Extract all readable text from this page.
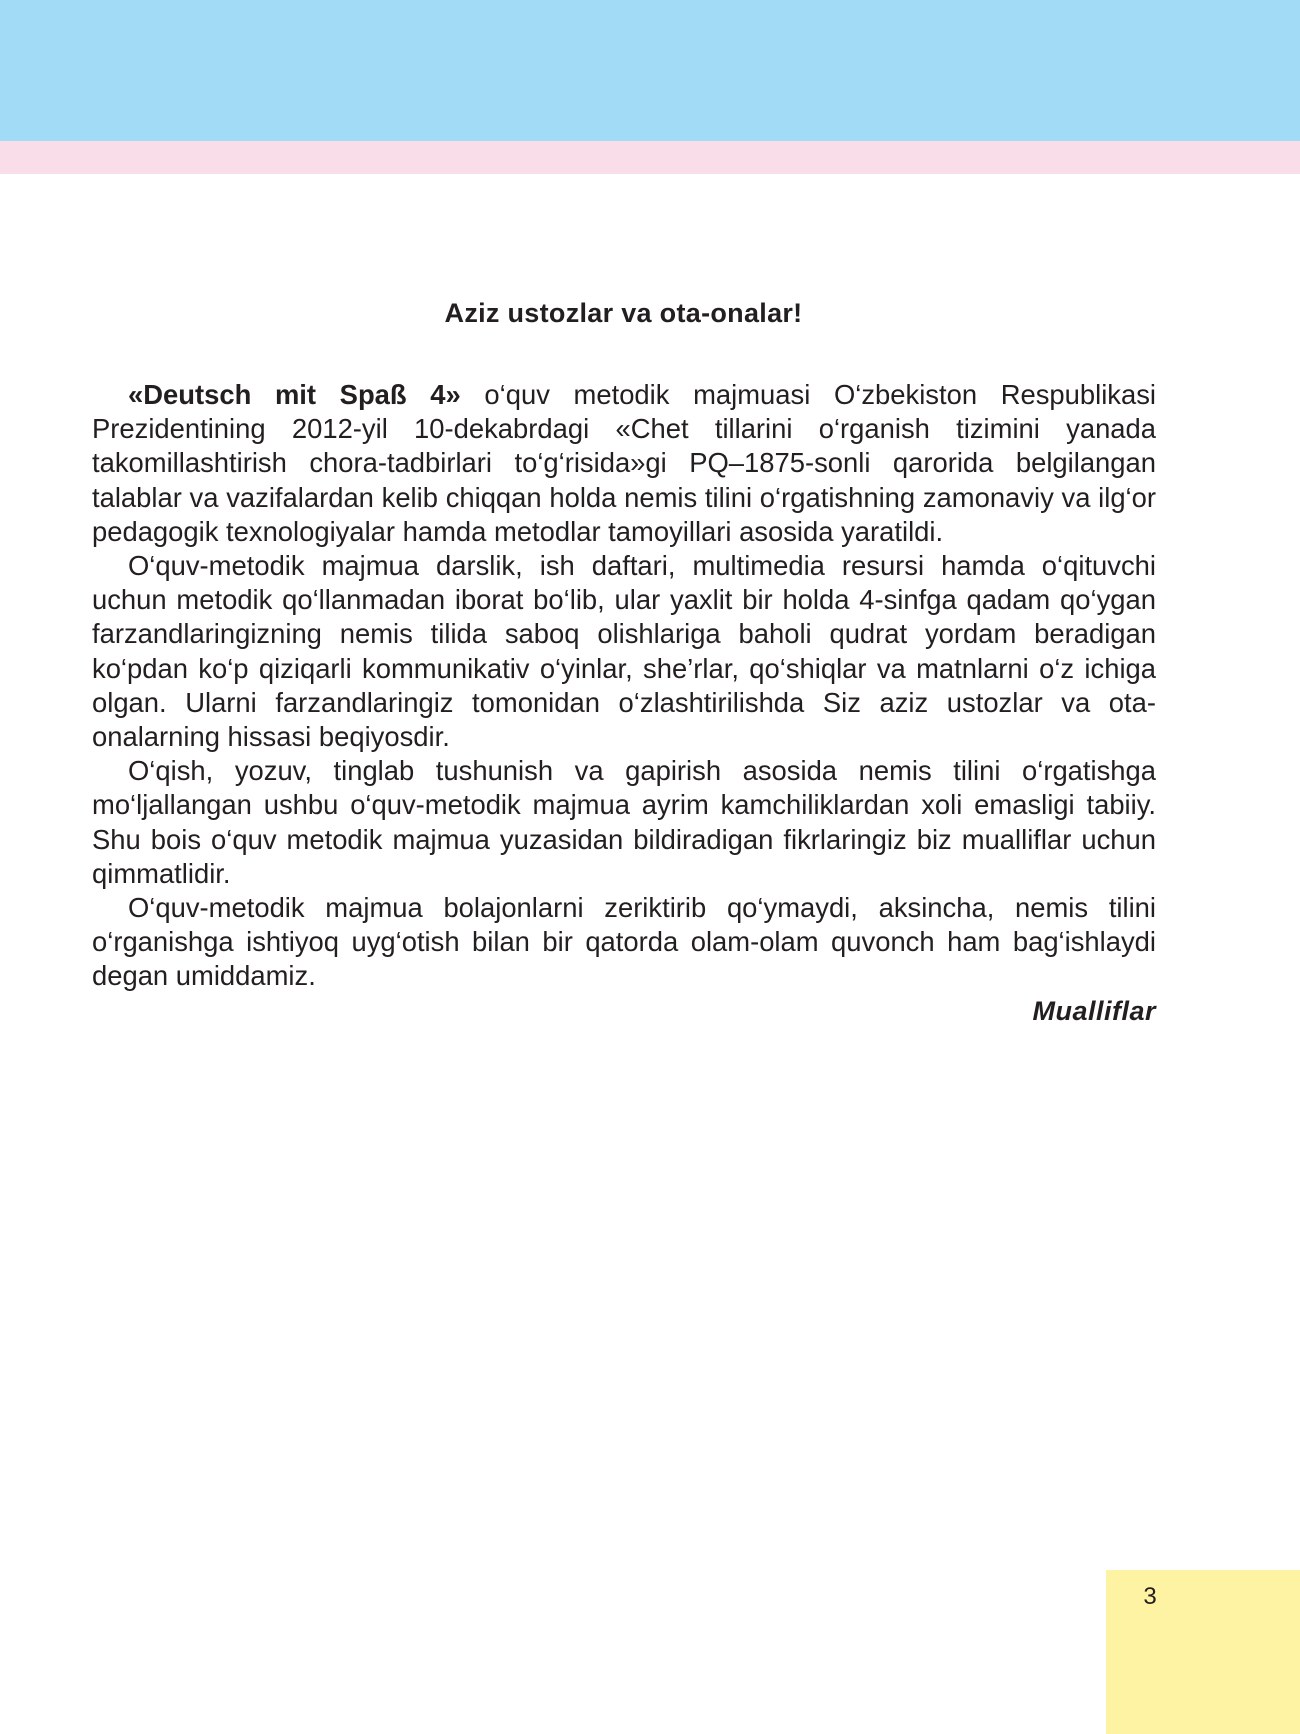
Aziz ustozlar va ota-onalar!

«Deutsch mit Spaß 4» o‘quv metodik majmuasi O‘zbekiston Respublikasi Prezidentining 2012-yil 10-dekabrdagi «Chet tillarini o‘rganish tizimini yanada takomillashtirish chora-tadbirlari to‘g‘risida»gi PQ–1875-sonli qarorida belgilangan talablar va vazifalardan kelib chiqqan holda nemis tilini o‘rgatishning zamonaviy va ilg‘or pedagogik texnologiyalar hamda metodlar tamoyillari asosida yaratildi.

O‘quv-metodik majmua darslik, ish daftari, multimedia resursi hamda o‘qituvchi uchun metodik qo‘llanmadan iborat bo‘lib, ular yaxlit bir holda 4-sinfga qadam qo‘ygan farzandlaringizning nemis tilida saboq olishlariga baholi qudrat yordam beradigan ko‘pdan ko‘p qiziqarli kommunikativ o‘yinlar, she’rlar, qo‘shiqlar va matnlarni o‘z ichiga olgan. Ularni farzandlaringiz tomonidan o‘zlashtirilishda Siz aziz ustozlar va ota-onalarning hissasi beqiyosdir.

O‘qish, yozuv, tinglab tushunish va gapirish asosida nemis tilini o‘rgatishga mo‘ljallangan ushbu o‘quv-metodik majmua ayrim kamchiliklardan xoli emasligi tabiiy. Shu bois o‘quv metodik majmua yuzasidan bildiradigan fikrlaringiz biz mualliflar uchun qimmatlidir.

O‘quv-metodik majmua bolajonlarni zeriktirib qo‘ymaydi, aksincha, nemis tilini o‘rganishga ishtiyoq uyg‘otish bilan bir qatorda olam-olam quvonch ham bag‘ishlaydi degan umiddamiz.

Mualliflar

3
